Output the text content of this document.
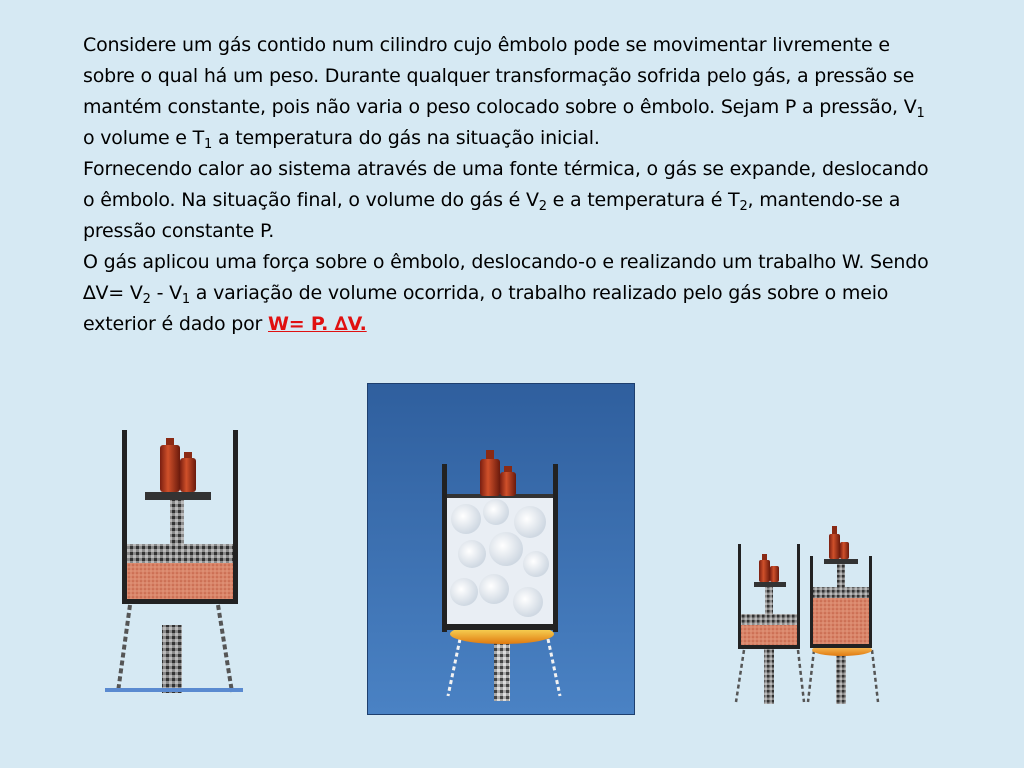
Considere um gás contido num cilindro cujo êmbolo pode se movimentar livremente e sobre o qual há um peso. Durante qualquer transformação sofrida pelo gás, a pressão se mantém constante, pois não varia o peso colocado sobre o êmbolo. Sejam P a pressão, $V_1$ o volume e $T_1$ a temperatura do gás na situação inicial.

Fornecendo calor ao sistema através de uma fonte térmica, o gás se expande, deslocando o êmbolo. Na situação final, o volume do gás é $V_2$ e a temperatura é $T_2$, mantendo-se a pressão constante P.

O gás aplicou uma força sobre o êmbolo, deslocando-o e realizando um trabalho W. Sendo $\Delta V= V_2 - V_1$ a variação de volume ocorrida, o trabalho realizado pelo gás sobre o meio exterior é dado por W= P. ∆V.
